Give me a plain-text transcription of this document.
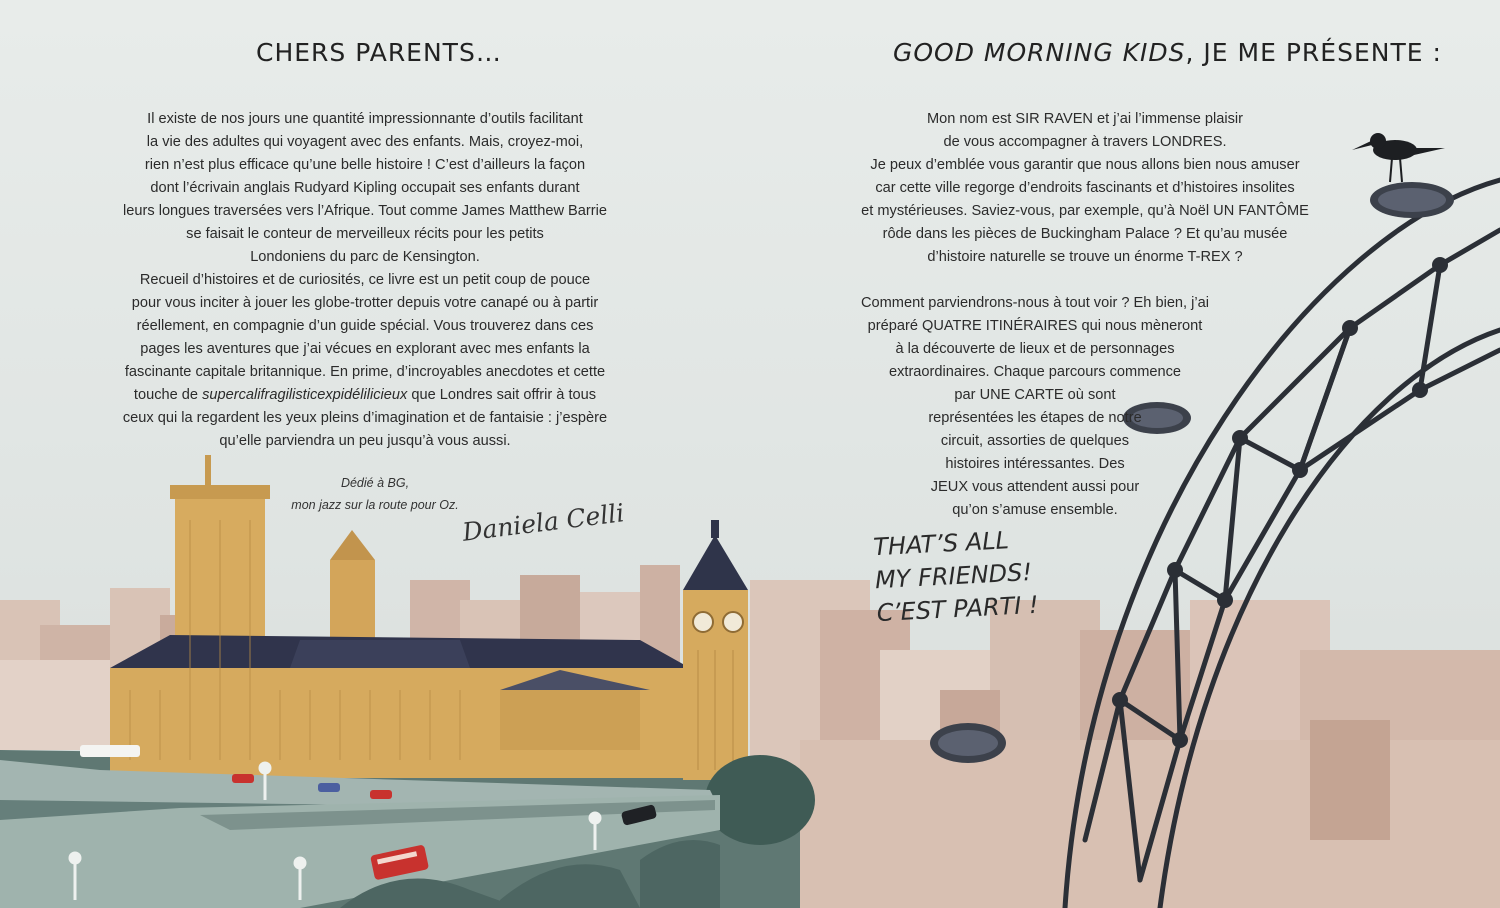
CHERS PARENTS…
Il existe de nos jours une quantité impressionnante d’outils facilitant
la vie des adultes qui voyagent avec des enfants. Mais, croyez-moi,
rien n’est plus efficace qu’une belle histoire ! C’est d’ailleurs la façon
dont l’écrivain anglais Rudyard Kipling occupait ses enfants durant
leurs longues traversées vers l’Afrique. Tout comme James Matthew Barrie
se faisait le conteur de merveilleux récits pour les petits
Londoniens du parc de Kensington.
Recueil d’histoires et de curiosités, ce livre est un petit coup de pouce
pour vous inciter à jouer les globe-trotter depuis votre canapé ou à partir
réellement, en compagnie d’un guide spécial. Vous trouverez dans ces
pages les aventures que j’ai vécues en explorant avec mes enfants la
fascinante capitale britannique. En prime, d’incroyables anecdotes et cette
touche de supercalifragilisticexpidélilicieux que Londres sait offrir à tous
ceux qui la regardent les yeux pleins d’imagination et de fantaisie : j’espère
qu’elle parviendra un peu jusqu’à vous aussi.
Dédié à BG,
mon jazz sur la route pour Oz. Daniela Celli
GOOD MORNING KIDS, JE ME PRÉSENTE :
Mon nom est SIR RAVEN et j’ai l’immense plaisir
de vous accompagner à travers LONDRES.
Je peux d’emblée vous garantir que nous allons bien nous amuser
car cette ville regorge d’endroits fascinants et d’histoires insolites
et mystérieuses. Saviez-vous, par exemple, qu’à Noël UN FANTÔME
rôde dans les pièces de Buckingham Palace ? Et qu’au musée
d’histoire naturelle se trouve un énorme T-REX ?
Comment parviendrons-nous à tout voir ? Eh bien, j’ai
préparé QUATRE ITINÉRAIRES qui nous mèneront
à la découverte de lieux et de personnages
extraordinaires. Chaque parcours commence
par UNE CARTE où sont
représentées les étapes de notre
circuit, assorties de quelques
histoires intéressantes. Des
JEUX vous attendent aussi pour
qu’on s’amuse ensemble.
THAT’S ALL
MY FRIENDS!
C’EST PARTI !
